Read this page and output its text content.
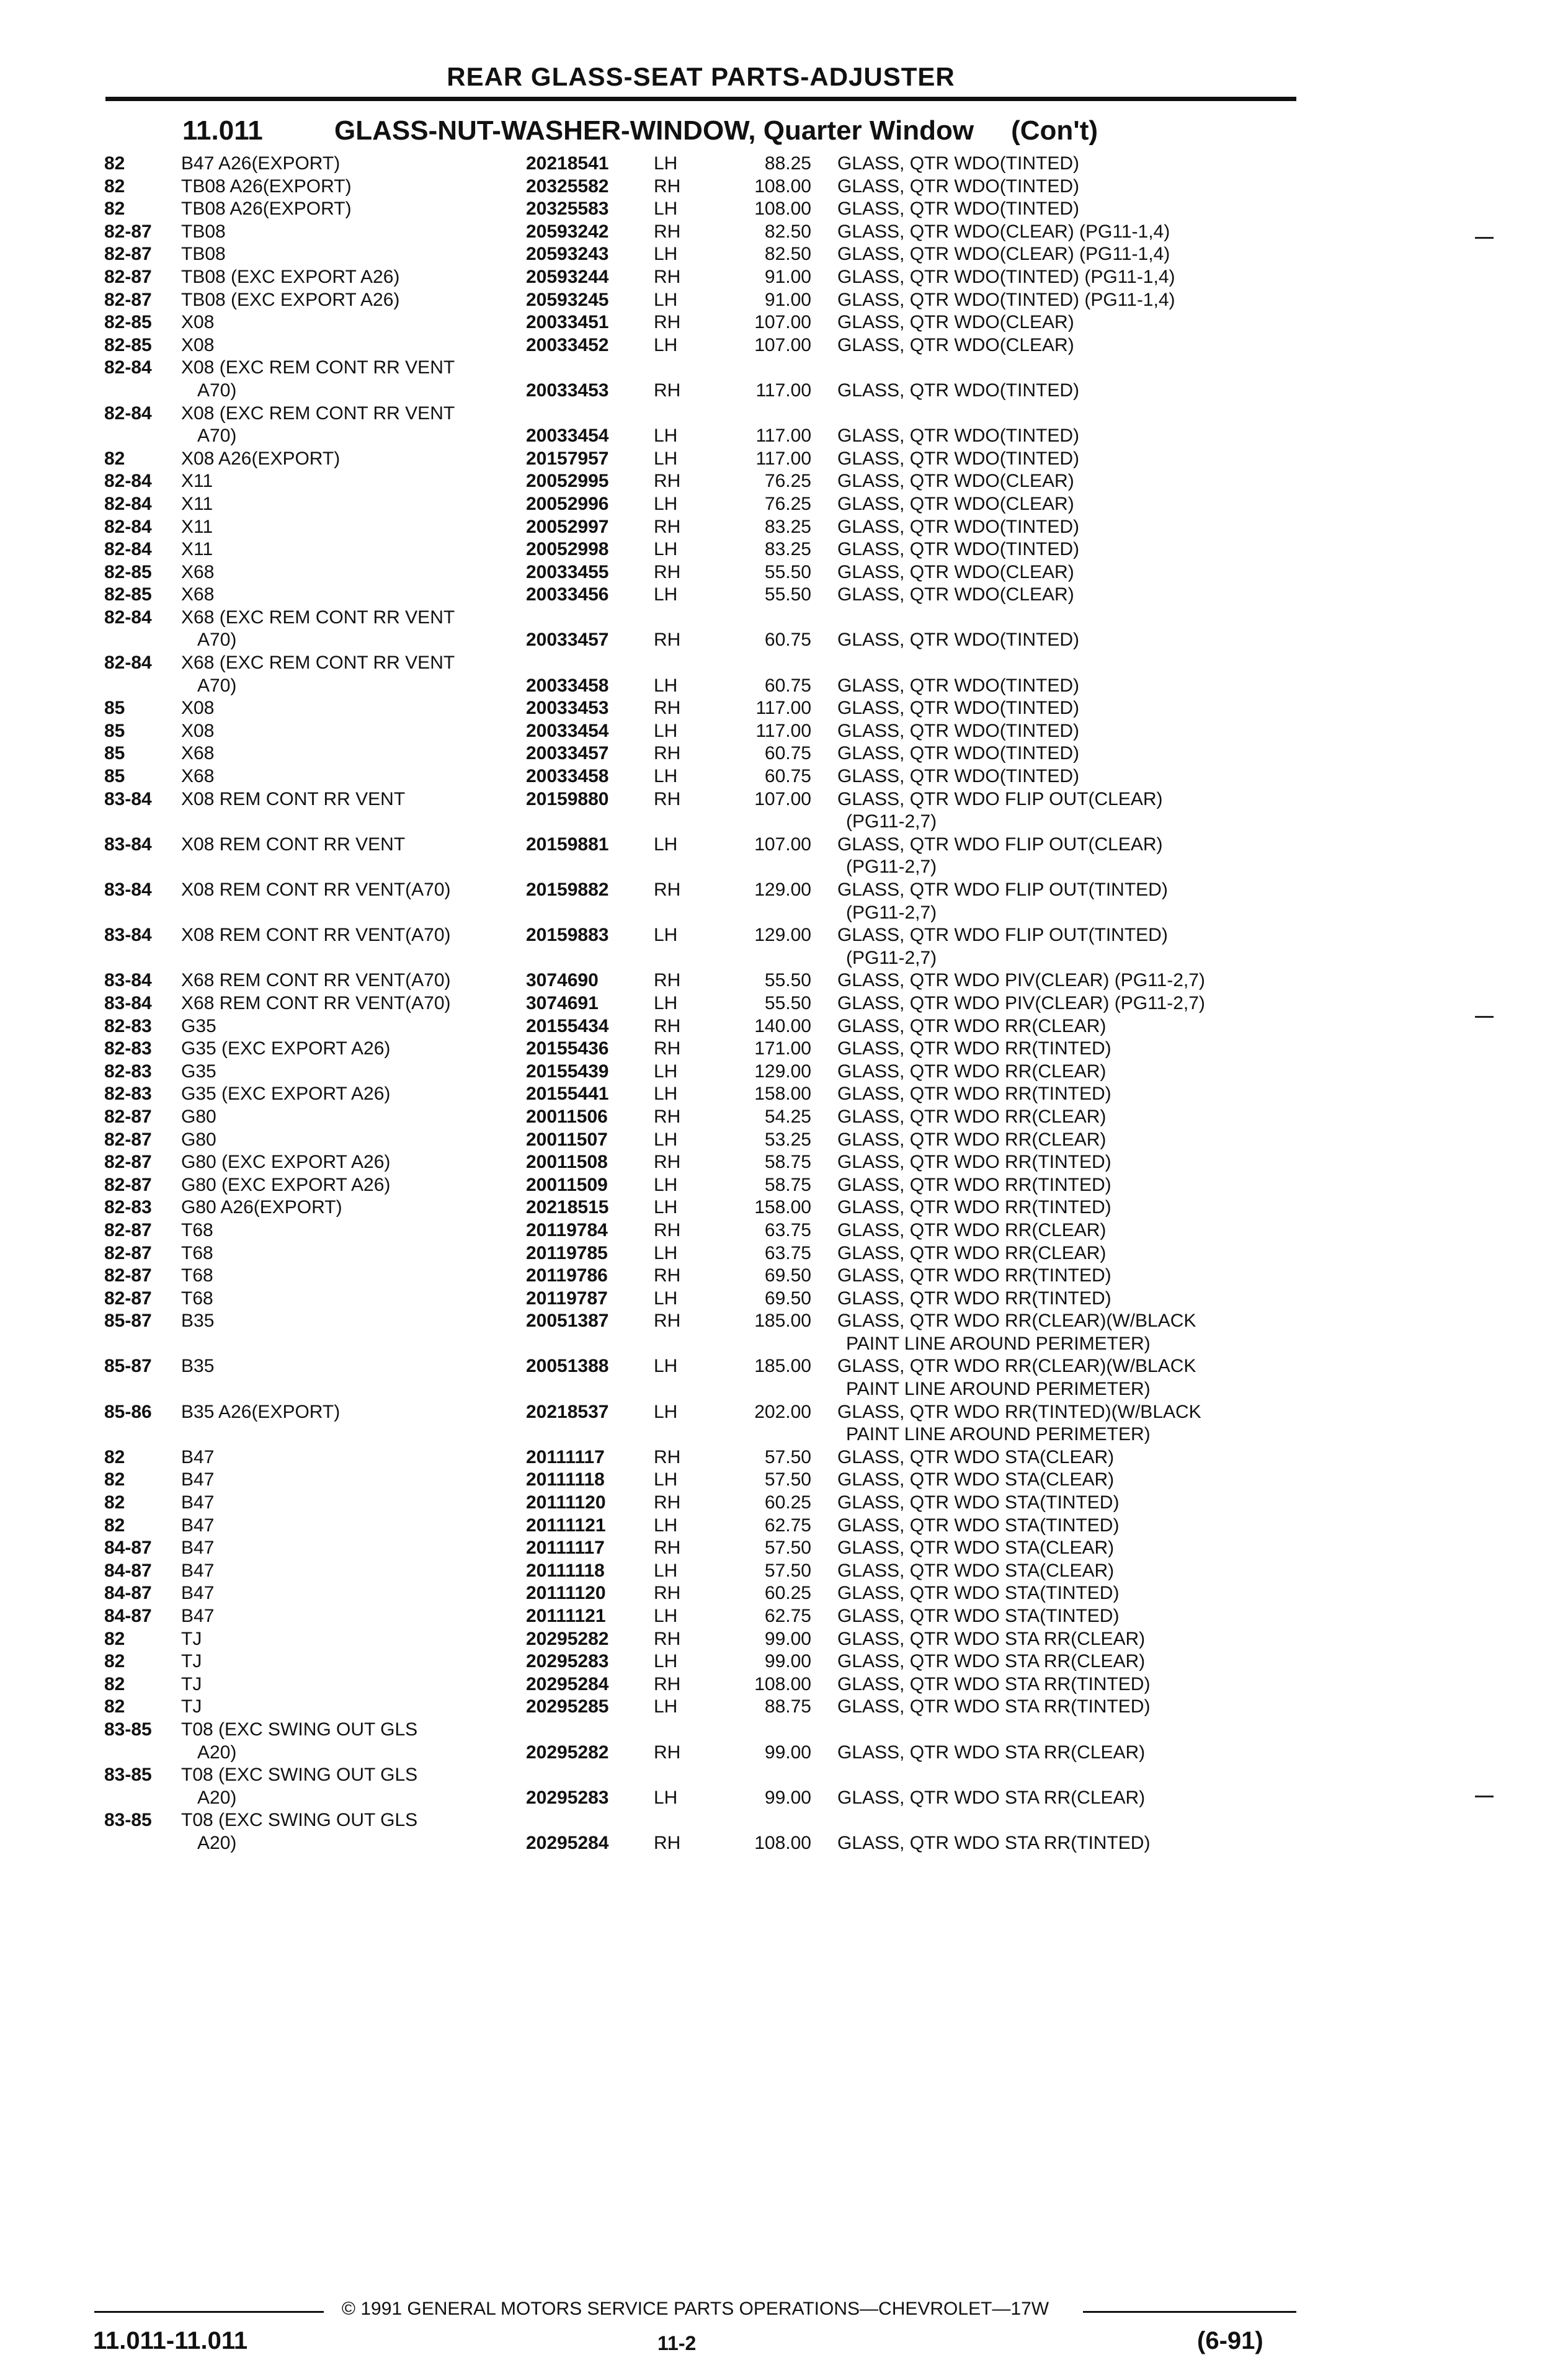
REAR GLASS-SEAT PARTS-ADJUSTER
11.011	GLASS-NUT-WASHER-WINDOW, Quarter Window (Con't)
82	B47 A26(EXPORT)	20218541	LH	88.25 GLASS, QTR WDO(TINTED)
82	TB08 A26(EXPORT)	20325582	RH	108.00 GLASS, QTR WDO(TINTED)
82	TB08 A26(EXPORT)	20325583	LH	108.00 GLASS, QTR WDO(TINTED)
82-87	TB08	20593242	RH	82.50 GLASS, QTR WDO(CLEAR) (PG11-1,4)
82-87	TB08	20593243	LH	82.50 GLASS, QTR WDO(CLEAR) (PG11-1,4)
82-87	TB08 (EXC EXPORT A26)	20593244	RH	91.00 GLASS, QTR WDO(TINTED) (PG11-1,4)
82-87	TB08 (EXC EXPORT A26)	20593245	LH	91.00 GLASS, QTR WDO(TINTED) (PG11-1,4)
82-85	X08	20033451	RH	107.00 GLASS, QTR WDO(CLEAR)
82-85	X08	20033452	LH	107.00 GLASS, QTR WDO(CLEAR)
82-84	X08 (EXC REM CONT RR VENT
A70)	20033453	RH	117.00 GLASS, QTR WDO(TINTED)
82-84	X08 (EXC REM CONT RR VENT
A70)	20033454	LH	117.00 GLASS, QTR WDO(TINTED)
82	X08 A26(EXPORT)	20157957	LH	117.00 GLASS, QTR WDO(TINTED)
82-84	X11	20052995	RH	76.25 GLASS, QTR WDO(CLEAR)
82-84	X11	20052996	LH	76.25 GLASS, QTR WDO(CLEAR)
82-84	X11	20052997	RH	83.25 GLASS, QTR WDO(TINTED)
82-84	X11	20052998	LH	83.25 GLASS, QTR WDO(TINTED)
82-85	X68	20033455	RH	55.50 GLASS, QTR WDO(CLEAR)
82-85	X68	20033456	LH	55.50 GLASS, QTR WDO(CLEAR)
82-84	X68 (EXC REM CONT RR VENT
A70)	20033457	RH	60.75 GLASS, QTR WDO(TINTED)
82-84	X68 (EXC REM CONT RR VENT
A70)	20033458	LH	60.75 GLASS, QTR WDO(TINTED)
85	X08	20033453	RH	117.00 GLASS, QTR WDO(TINTED)
85	X08	20033454	LH	117.00 GLASS, QTR WDO(TINTED)
85	X68	20033457	RH	60.75 GLASS, QTR WDO(TINTED)
85	X68	20033458	LH	60.75 GLASS, QTR WDO(TINTED)
83-84	X08 REM CONT RR VENT	20159880	RH	107.00 GLASS, QTR WDO FLIP OUT(CLEAR)
(PG11-2,7)
83-84	X08 REM CONT RR VENT	20159881	LH	107.00 GLASS, QTR WDO FLIP OUT(CLEAR)
(PG11-2,7)
83-84	X08 REM CONT RR VENT(A70)	20159882	RH	129.00 GLASS, QTR WDO FLIP OUT(TINTED)
(PG11-2,7)
83-84	X08 REM CONT RR VENT(A70)	20159883	LH	129.00 GLASS, QTR WDO FLIP OUT(TINTED)
(PG11-2,7)
83-84	X68 REM CONT RR VENT(A70)	3074690	RH	55.50 GLASS, QTR WDO PIV(CLEAR) (PG11-2,7)
83-84	X68 REM CONT RR VENT(A70)	3074691	LH	55.50 GLASS, QTR WDO PIV(CLEAR) (PG11-2,7)
82-83	G35	20155434	RH	140.00 GLASS, QTR WDO RR(CLEAR)
82-83	G35 (EXC EXPORT A26)	20155436	RH	171.00 GLASS, QTR WDO RR(TINTED)
82-83	G35	20155439	LH	129.00 GLASS, QTR WDO RR(CLEAR)
82-83	G35 (EXC EXPORT A26)	20155441	LH	158.00 GLASS, QTR WDO RR(TINTED)
82-87	G80	20011506	RH	54.25 GLASS, QTR WDO RR(CLEAR)
82-87	G80	20011507	LH	53.25 GLASS, QTR WDO RR(CLEAR)
82-87	G80 (EXC EXPORT A26)	20011508	RH	58.75 GLASS, QTR WDO RR(TINTED)
82-87	G80 (EXC EXPORT A26)	20011509	LH	58.75 GLASS, QTR WDO RR(TINTED)
82-83	G80 A26(EXPORT)	20218515	LH	158.00 GLASS, QTR WDO RR(TINTED)
82-87	T68	20119784	RH	63.75 GLASS, QTR WDO RR(CLEAR)
82-87	T68	20119785	LH	63.75 GLASS, QTR WDO RR(CLEAR)
82-87	T68	20119786	RH	69.50 GLASS, QTR WDO RR(TINTED)
82-87	T68	20119787	LH	69.50 GLASS, QTR WDO RR(TINTED)
85-87	B35	20051387	RH	185.00 GLASS, QTR WDO RR(CLEAR)(W/BLACK
PAINT LINE AROUND PERIMETER)
85-87	B35	20051388	LH	185.00 GLASS, QTR WDO RR(CLEAR)(W/BLACK
PAINT LINE AROUND PERIMETER)
85-86	B35 A26(EXPORT)	20218537	LH	202.00 GLASS, QTR WDO RR(TINTED)(W/BLACK
PAINT LINE AROUND PERIMETER)
82	B47	20111117	RH	57.50 GLASS, QTR WDO STA(CLEAR)
82	B47	20111118	LH	57.50 GLASS, QTR WDO STA(CLEAR)
82	B47	20111120	RH	60.25 GLASS, QTR WDO STA(TINTED)
82	B47	20111121	LH	62.75 GLASS, QTR WDO STA(TINTED)
84-87	B47	20111117	RH	57.50 GLASS, QTR WDO STA(CLEAR)
84-87	B47	20111118	LH	57.50 GLASS, QTR WDO STA(CLEAR)
84-87	B47	20111120	RH	60.25 GLASS, QTR WDO STA(TINTED)
84-87	B47	20111121	LH	62.75 GLASS, QTR WDO STA(TINTED)
82	TJ	20295282	RH	99.00 GLASS, QTR WDO STA RR(CLEAR)
82	TJ	20295283	LH	99.00 GLASS, QTR WDO STA RR(CLEAR)
82	TJ	20295284	RH	108.00 GLASS, QTR WDO STA RR(TINTED)
82	TJ	20295285	LH	88.75 GLASS, QTR WDO STA RR(TINTED)
83-85	T08 (EXC SWING OUT GLS
A20)	20295282	RH	99.00 GLASS, QTR WDO STA RR(CLEAR)
83-85	T08 (EXC SWING OUT GLS
A20)	20295283	LH	99.00 GLASS, QTR WDO STA RR(CLEAR)
83-85	T08 (EXC SWING OUT GLS
A20)	20295284	RH	108.00 GLASS, QTR WDO STA RR(TINTED)
© 1991 GENERAL MOTORS SERVICE PARTS OPERATIONS—CHEVROLET—17W
11.011-11.011	11-2	(6-91)
